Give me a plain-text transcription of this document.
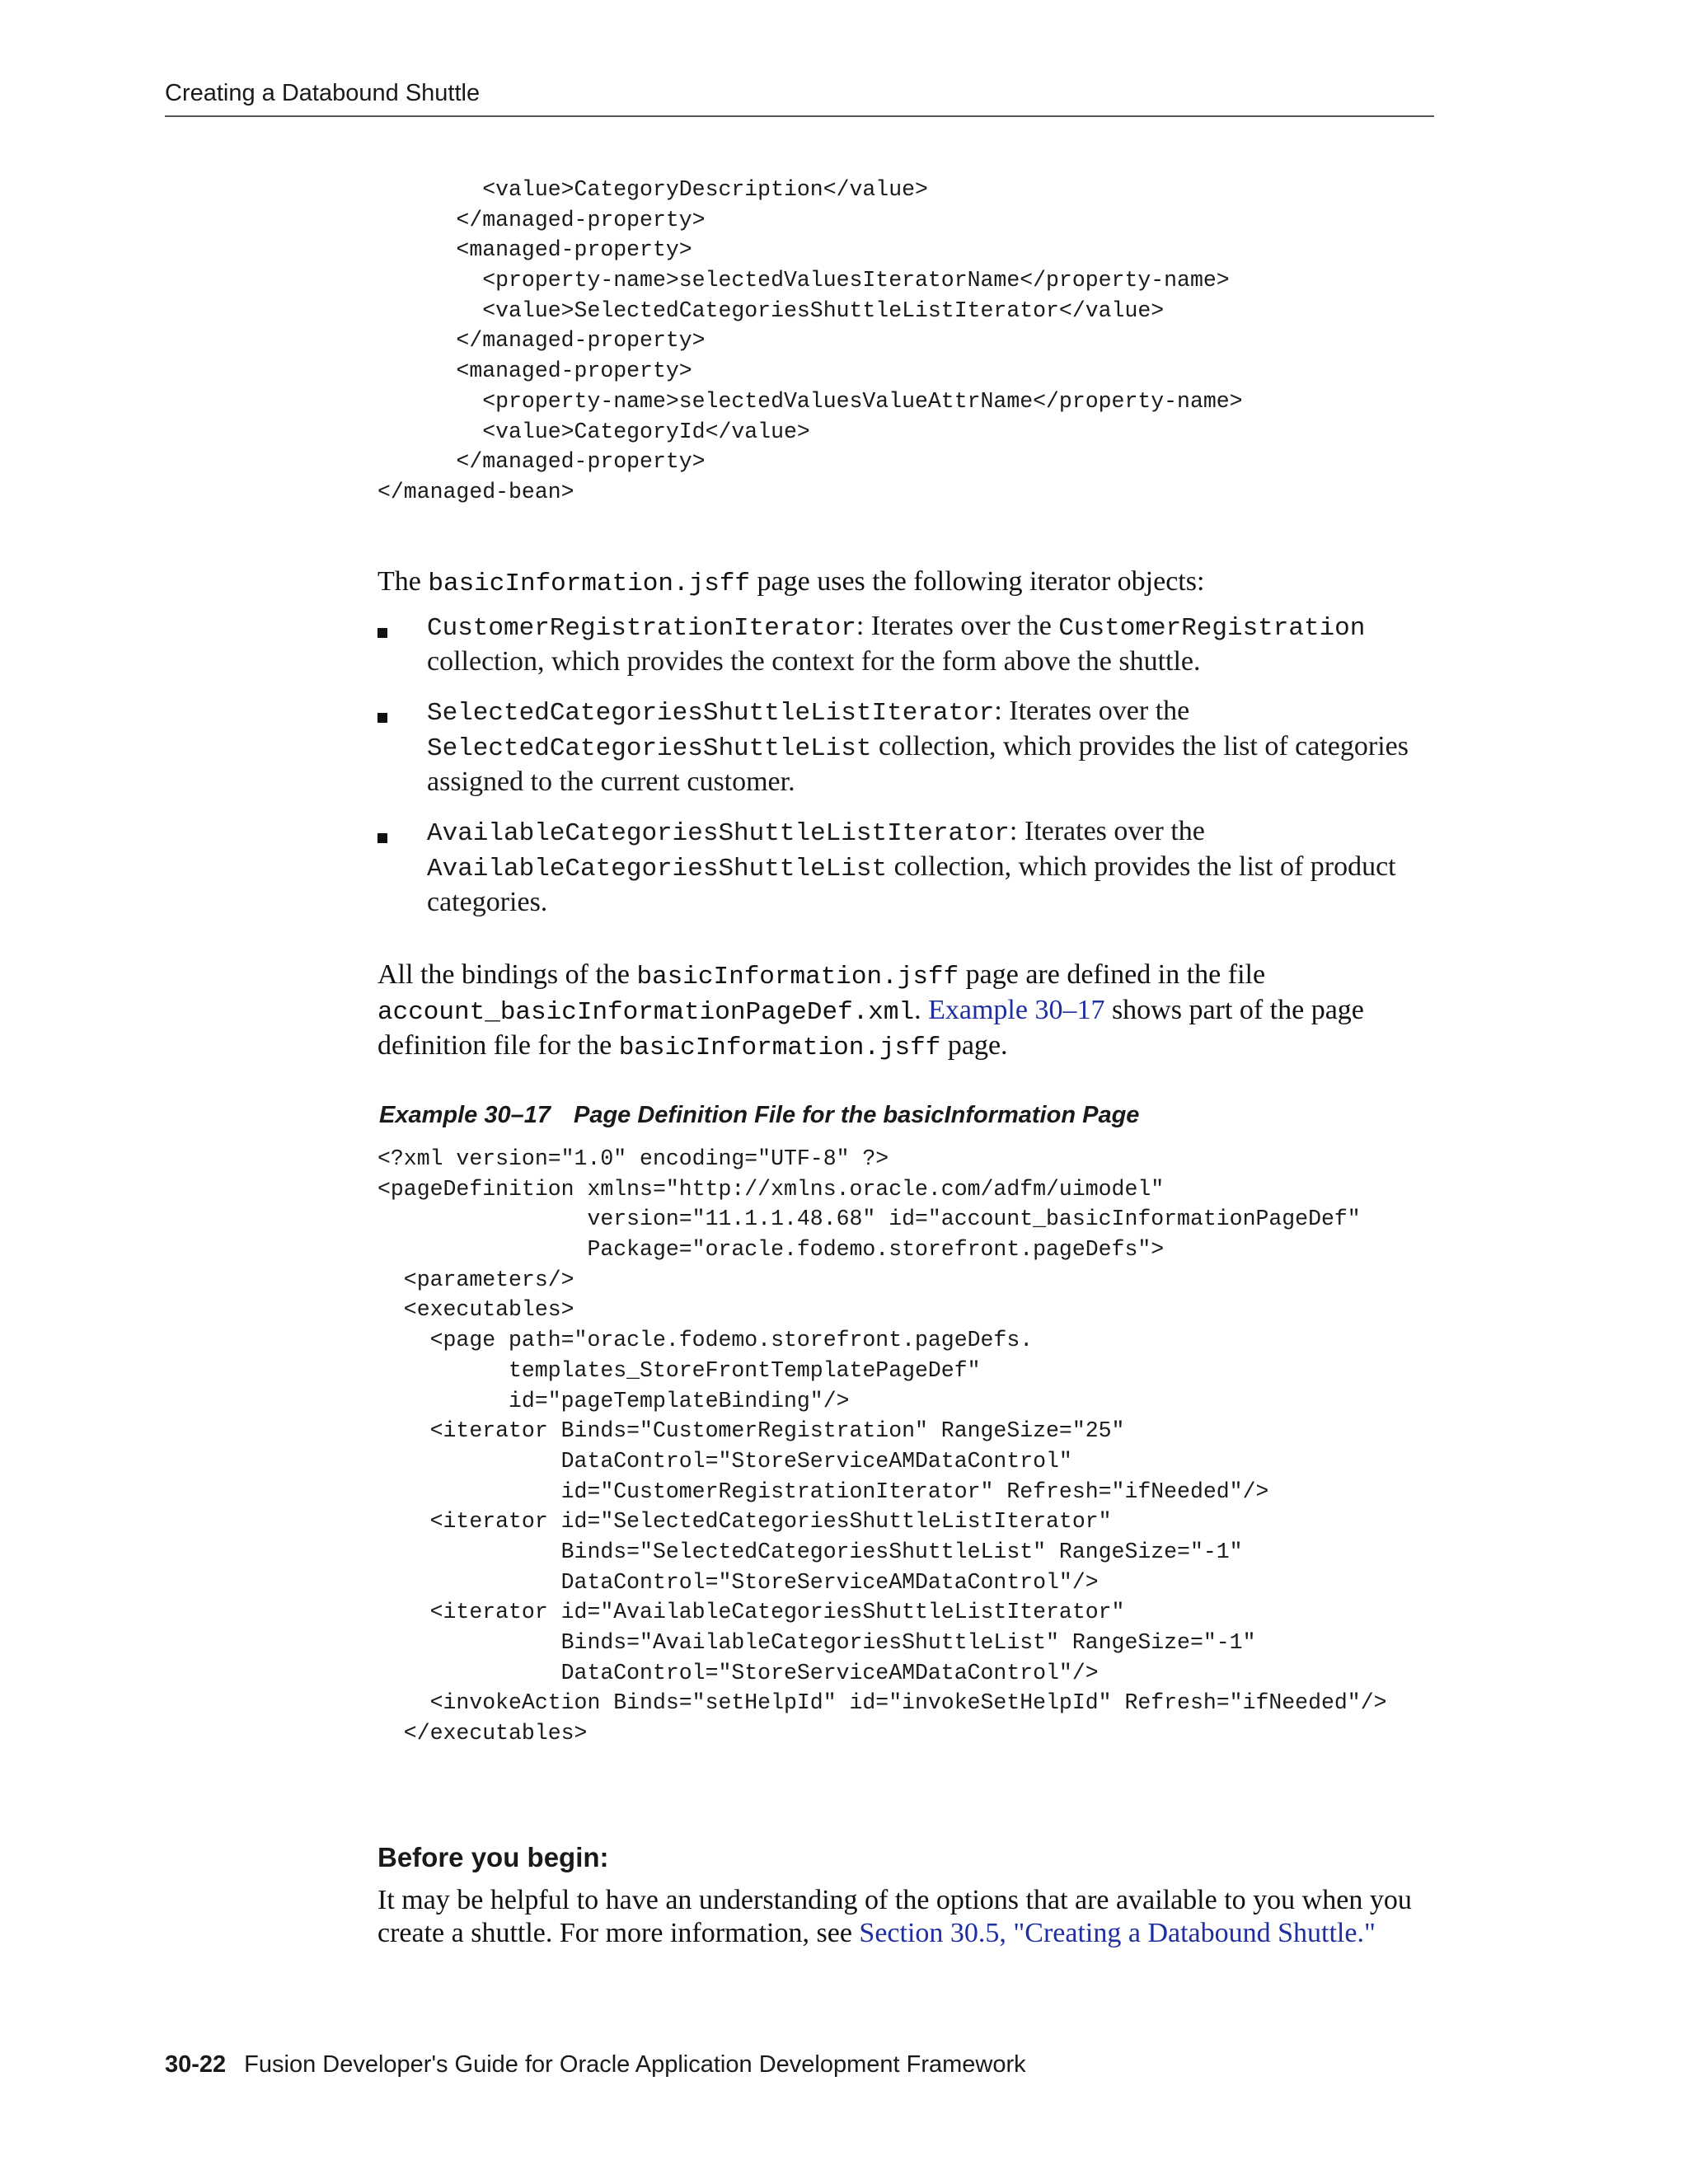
Creating a Databound Shuttle
<value>CategoryDescription</value>
</managed-property>
<managed-property>
<property-name>selectedValuesIteratorName</property-name>
<value>SelectedCategoriesShuttleListIterator</value>
</managed-property>
<managed-property>
<property-name>selectedValuesValueAttrName</property-name>
<value>CategoryId</value>
</managed-property>
</managed-bean>
The basicInformation.jsff page uses the following iterator objects:
CustomerRegistrationIterator: Iterates over the CustomerRegistration collection, which provides the context for the form above the shuttle.
SelectedCategoriesShuttleListIterator: Iterates over the SelectedCategoriesShuttleList collection, which provides the list of categories assigned to the current customer.
AvailableCategoriesShuttleListIterator: Iterates over the AvailableCategoriesShuttleList collection, which provides the list of product categories.
All the bindings of the basicInformation.jsff page are defined in the file account_basicInformationPageDef.xml. Example 30–17 shows part of the page definition file for the basicInformation.jsff page.
Example 30–17 Page Definition File for the basicInformation Page
<?xml version="1.0" encoding="UTF-8" ?>
<pageDefinition xmlns="http://xmlns.oracle.com/adfm/uimodel"
version="11.1.1.48.68" id="account_basicInformationPageDef"
Package="oracle.fodemo.storefront.pageDefs">
<parameters/>
<executables>
<page path="oracle.fodemo.storefront.pageDefs.
templates_StoreFrontTemplatePageDef"
id="pageTemplateBinding"/>
<iterator Binds="CustomerRegistration" RangeSize="25"
DataControl="StoreServiceAMDataControl"
id="CustomerRegistrationIterator" Refresh="ifNeeded"/>
<iterator id="SelectedCategoriesShuttleListIterator"
Binds="SelectedCategoriesShuttleList" RangeSize="-1"
DataControl="StoreServiceAMDataControl"/>
<iterator id="AvailableCategoriesShuttleListIterator"
Binds="AvailableCategoriesShuttleList" RangeSize="-1"
DataControl="StoreServiceAMDataControl"/>
<invokeAction Binds="setHelpId" id="invokeSetHelpId" Refresh="ifNeeded"/>
</executables>
Before you begin:
It may be helpful to have an understanding of the options that are available to you when you create a shuttle. For more information, see Section 30.5, "Creating a Databound Shuttle."
30-22 Fusion Developer's Guide for Oracle Application Development Framework
